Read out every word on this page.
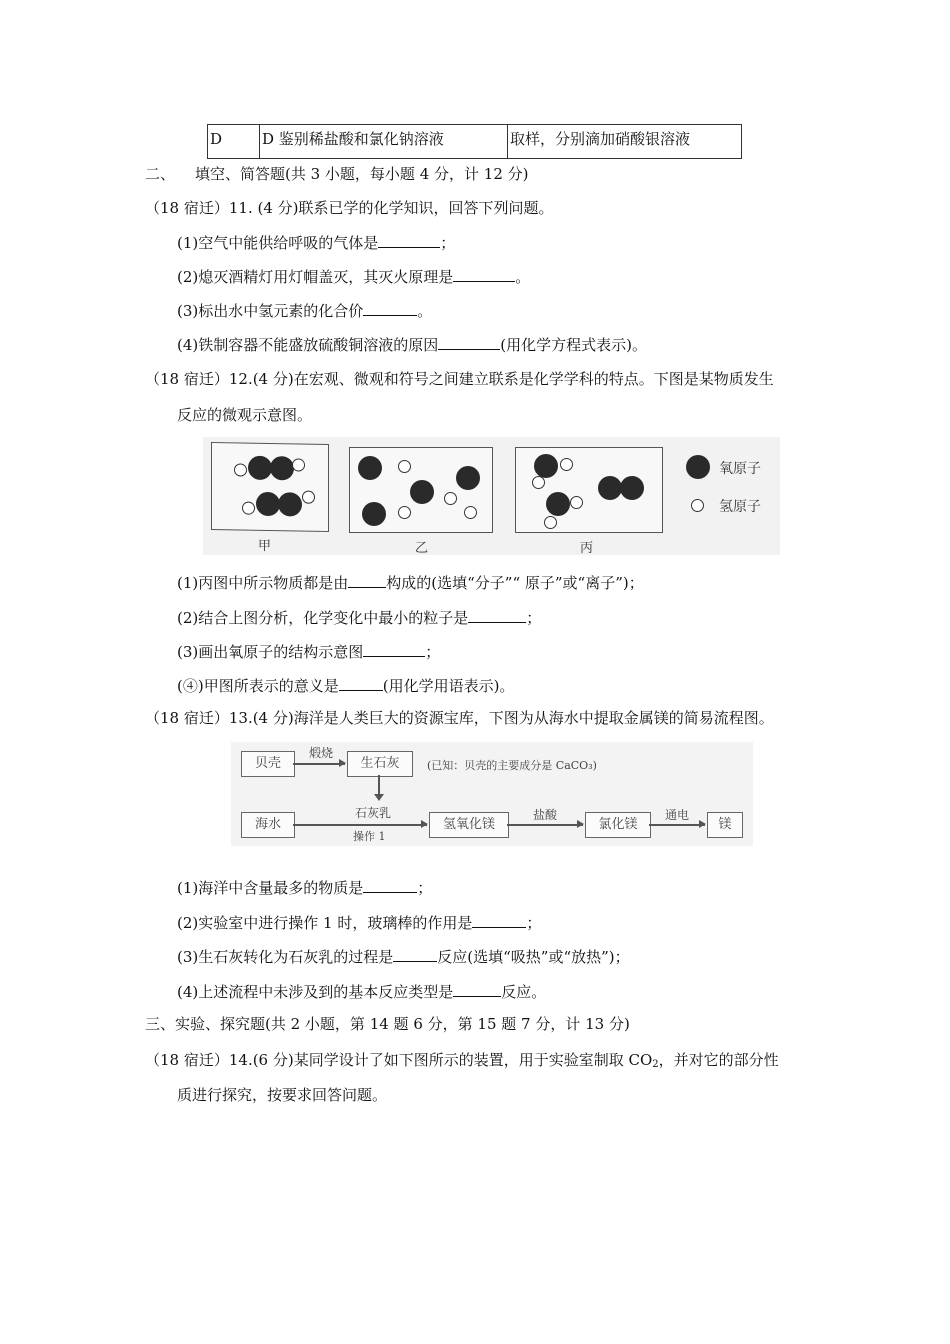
D	D 鉴别稀盐酸和氯化钠溶液	取样，分别滴加硝酸银溶液
二、 填空、简答题(共 3 小题，每小题 4 分，计 12 分)
（18 宿迁）11. (4 分)联系已学的化学知识，回答下列问题。
(1)空气中能供给呼吸的气体是	；
(2)熄灭酒精灯用灯帽盖灭，其灭火原理是	。
(3)标出水中氢元素的化合价	。
(4)铁制容器不能盛放硫酸铜溶液的原因	(用化学方程式表示)。
（18 宿迁）12.(4 分)在宏观、微观和符号之间建立联系是化学学科的特点。下图是某物质发生
反应的微观示意图。
甲	乙	丙
氧原子
氢原子
(1)丙图中所示物质都是由	构成的(选填“分子”“ 原子”或“离子”)；
(2)结合上图分析，化学变化中最小的粒子是	；
(3)画出氧原子的结构示意图	；
(④)甲图所表示的意义是	(用化学用语表示)。
（18 宿迁）13.(4 分)海洋是人类巨大的资源宝库，下图为从海水中提取金属镁的简易流程图。
贝壳
煅烧
生石灰	(已知：贝壳的主要成分是 CaCO₃)
石灰乳
操作 1
海水	氢氧化镁
盐酸
氯化镁
通电
镁
(1)海洋中含量最多的物质是	；
(2)实验室中进行操作 1 时，玻璃棒的作用是	；
(3)生石灰转化为石灰乳的过程是	反应(选填“吸热”或“放热”)；
(4)上述流程中未涉及到的基本反应类型是	反应。
三、实验、探究题(共 2 小题，第 14 题 6 分，第 15 题 7 分，计 13 分)
（18 宿迁）14.(6 分)某同学设计了如下图所示的装置，用于实验室制取 $CO_2$，并对它的部分性
质进行探究，按要求回答问题。
